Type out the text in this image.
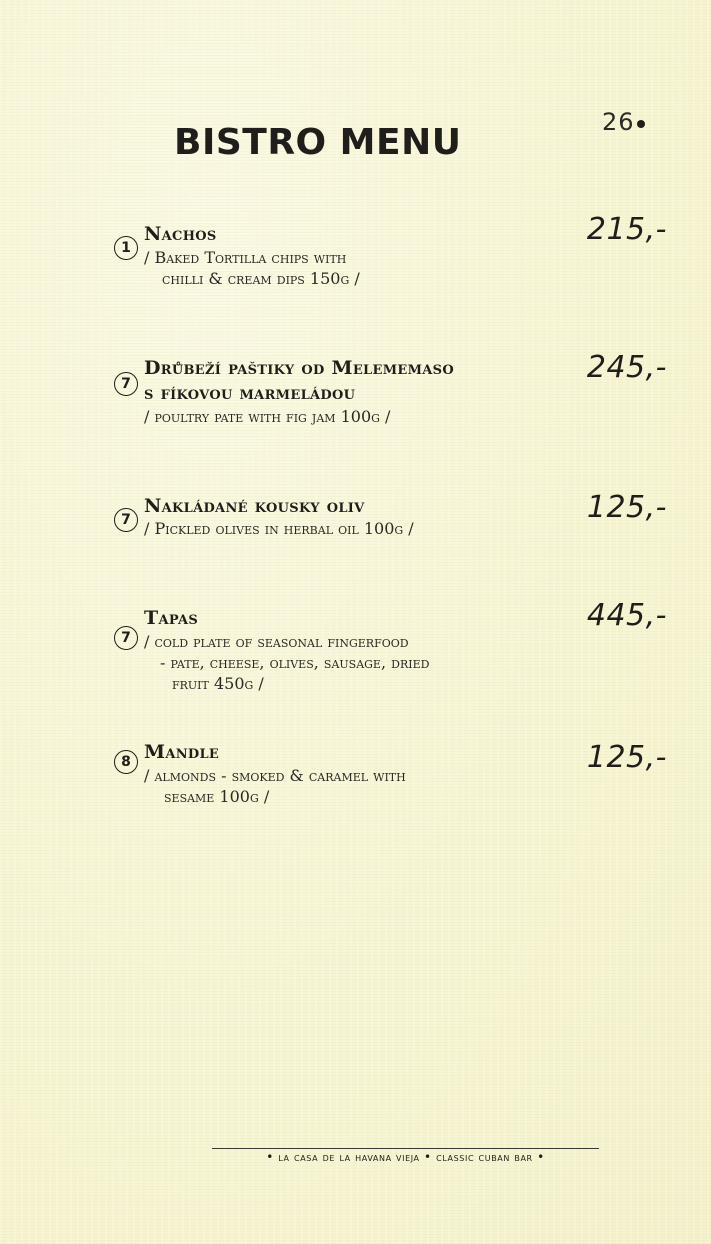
26
BISTRO MENU
1
Nachos
/ Baked Tortilla chips with
chilli & cream dips 150g /
215,-
7
Drůbeží paštiky od Melememaso
s fíkovou marmeládou
/ poultry pate with fig jam 100g /
245,-
7
Nakládané kousky oliv
/ Pickled olives in herbal oil 100g /
125,-
7
Tapas
/ cold plate of seasonal fingerfood
- pate, cheese, olives, sausage, dried
fruit 450g /
445,-
8 Mandle
/ almonds - smoked & caramel with
sesame 100g /
125,-
• la casa de la havana vieja • classic cuban bar •
